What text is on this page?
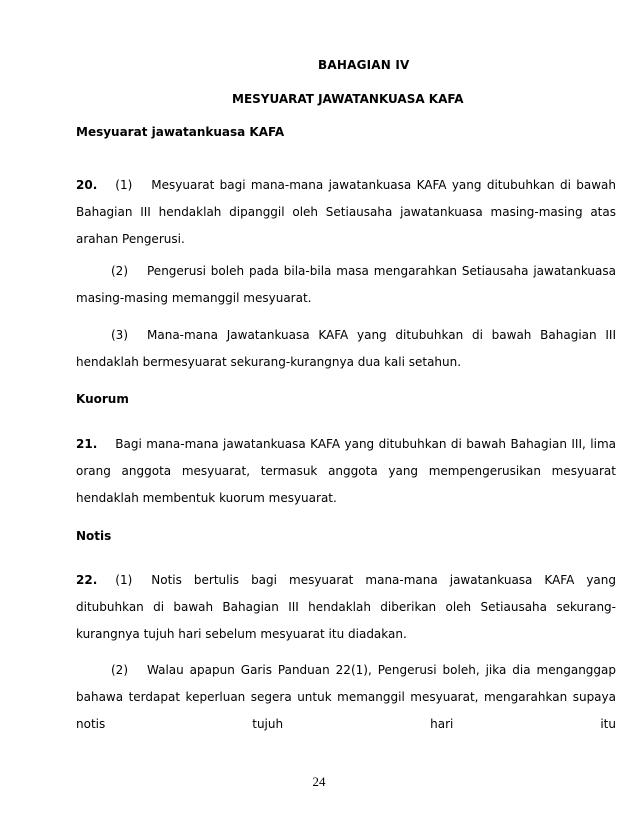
BAHAGIAN IV
MESYUARAT JAWATANKUASA KAFA
Mesyuarat jawatankuasa KAFA
20. (1) Mesyuarat bagi mana-mana jawatankuasa KAFA yang ditubuhkan di bawah Bahagian III hendaklah dipanggil oleh Setiausaha jawatankuasa masing-masing atas arahan Pengerusi.
(2) Pengerusi boleh pada bila-bila masa mengarahkan Setiausaha jawatankuasa masing-masing memanggil mesyuarat.
(3) Mana-mana Jawatankuasa KAFA yang ditubuhkan di bawah Bahagian III hendaklah bermesyuarat sekurang-kurangnya dua kali setahun.
Kuorum
21. Bagi mana-mana jawatankuasa KAFA yang ditubuhkan di bawah Bahagian III, lima orang anggota mesyuarat, termasuk anggota yang mempengerusikan mesyuarat hendaklah membentuk kuorum mesyuarat.
Notis
22. (1) Notis bertulis bagi mesyuarat mana-mana jawatankuasa KAFA yang ditubuhkan di bawah Bahagian III hendaklah diberikan oleh Setiausaha sekurang-kurangnya tujuh hari sebelum mesyuarat itu diadakan.
(2) Walau apapun Garis Panduan 22(1), Pengerusi boleh, jika dia menganggap bahawa terdapat keperluan segera untuk memanggil mesyuarat, mengarahkan supaya notis tujuh hari itu
24
